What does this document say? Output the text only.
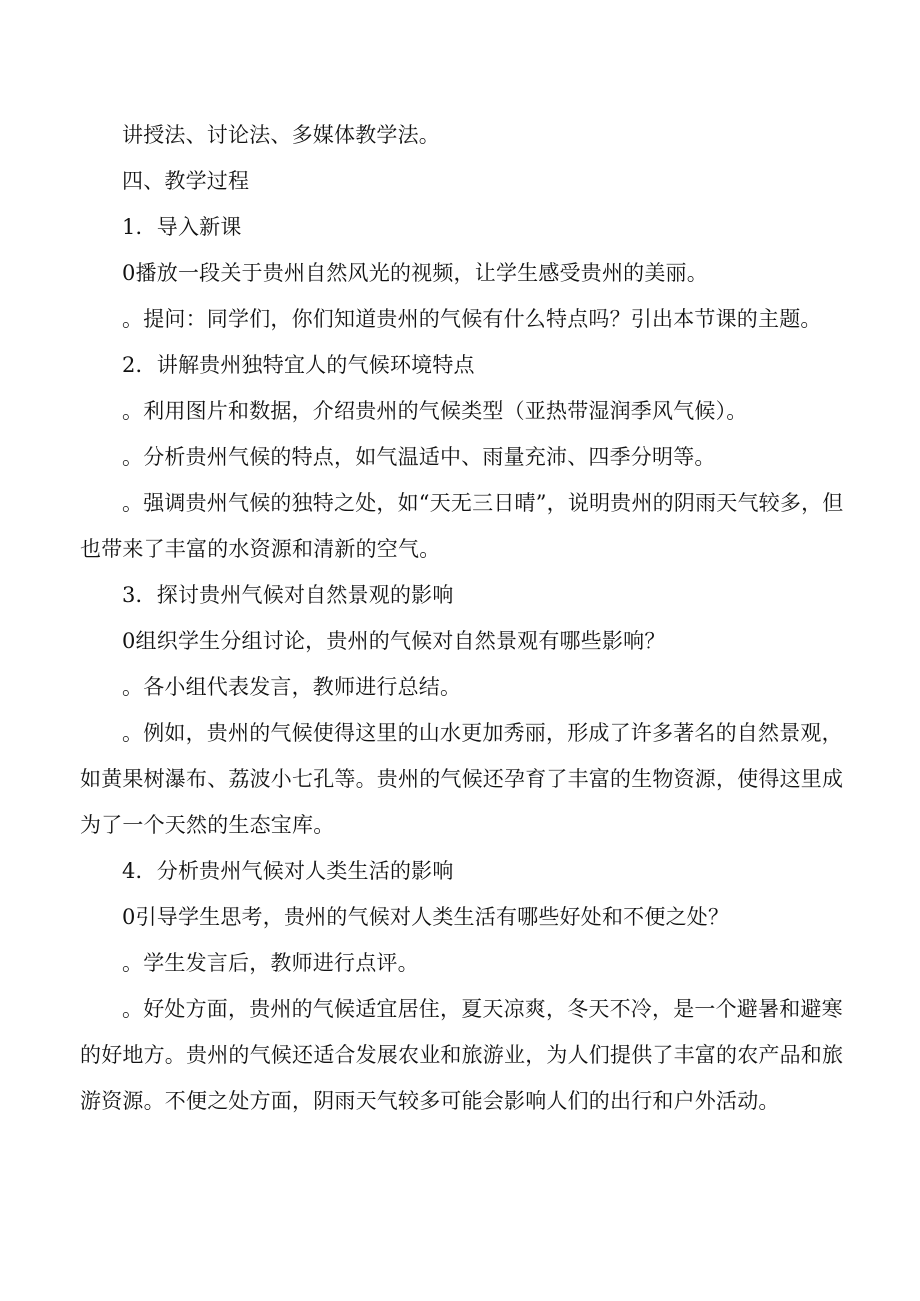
讲授法、讨论法、多媒体教学法。

四、教学过程

1．导入新课

0播放一段关于贵州自然风光的视频，让学生感受贵州的美丽。

。提问：同学们，你们知道贵州的气候有什么特点吗？引出本节课的主题。

2．讲解贵州独特宜人的气候环境特点

。利用图片和数据，介绍贵州的气候类型（亚热带湿润季风气候）。

。分析贵州气候的特点，如气温适中、雨量充沛、四季分明等。

。强调贵州气候的独特之处，如“天无三日晴”，说明贵州的阴雨天气较多，但也带来了丰富的水资源和清新的空气。

3．探讨贵州气候对自然景观的影响

0组织学生分组讨论，贵州的气候对自然景观有哪些影响？

。各小组代表发言，教师进行总结。

。例如，贵州的气候使得这里的山水更加秀丽，形成了许多著名的自然景观，如黄果树瀑布、荔波小七孔等。贵州的气候还孕育了丰富的生物资源，使得这里成为了一个天然的生态宝库。

4．分析贵州气候对人类生活的影响

0引导学生思考，贵州的气候对人类生活有哪些好处和不便之处？

。学生发言后，教师进行点评。

。好处方面，贵州的气候适宜居住，夏天凉爽，冬天不冷，是一个避暑和避寒的好地方。贵州的气候还适合发展农业和旅游业，为人们提供了丰富的农产品和旅游资源。不便之处方面，阴雨天气较多可能会影响人们的出行和户外活动。
